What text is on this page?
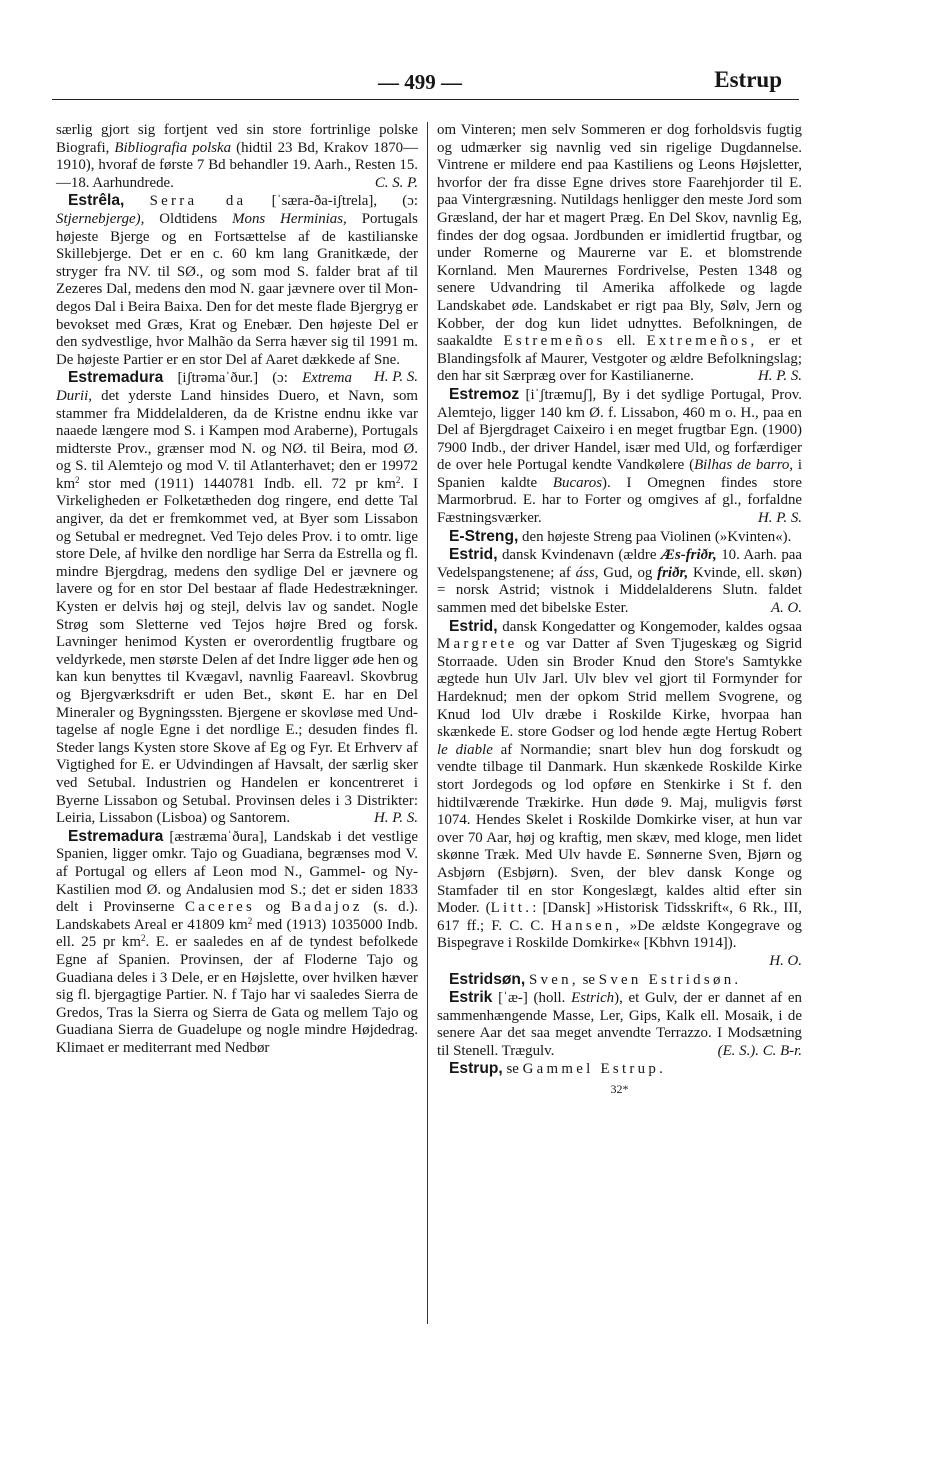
— 499 —	Estrup

særlig gjort sig fortjent ved sin store fortrinlige polske Biografi, Bibliografia polska (hidtil 23 Bd, Krakov 1870—1910), hvoraf de første 7 Bd behandler 19. Aarh., Resten 15.—18. Aarhundrede.	C. S. P.

Estrêla, Serra da [ˈsæra-ða-iʃtrela], (ɔ: Stjernebjerge), Oldtidens Mons Herminias, Portugals højeste Bjerge og en Fortsættelse af de kastilianske Skillebjerge. Det er en c. 60 km lang Granitkæde, der stryger fra NV. til SØ., og som mod S. falder brat af til Zezeres Dal, medens den mod N. gaar jævnere over til Mondegos Dal i Beira Baixa. Den for det meste flade Bjergryg er bevokset med Græs, Krat og Enebær. Den højeste Del er den sydvestlige, hvor Malhão da Serra hæver sig til 1991 m. De højeste Partier er en stor Del af Aaret dækkede af Sne.
H. P. S.

Estremadura [iʃtrəmaˈður.] (ɔ: Extrema Durii, det yderste Land hinsides Duero, et Navn, som stammer fra Middelalderen, da de Kristne endnu ikke var naaede længere mod S. i Kampen mod Araberne), Portugals midterste Prov., grænser mod N. og NØ. til Beira, mod Ø. og S. til Alemtejo og mod V. til Atlanterhavet; den er 19972 $km^2$ stor med (1911) 1440781 Indb. ell. 72 pr $km^2$. I Virkeligheden er Folketætheden dog ringere, end dette Tal angiver, da det er fremkommet ved, at Byer som Lissabon og Setubal er medregnet. Ved Tejo deles Prov. i to omtr. lige store Dele, af hvilke den nordlige har Serra da Estrella og fl. mindre Bjergdrag, medens den sydlige Del er jævnere og lavere og for en stor Del bestaar af flade Hedestrækninger. Kysten er delvis høj og stejl, delvis lav og sandet. Nogle Strøg som Sletterne ved Tejos højre Bred og forsk. Lavninger henimod Kysten er overordentlig frugtbare og veldyrkede, men største Delen af det Indre ligger øde hen og kan kun benyttes til Kvægavl, navnlig Faareavl. Skovbrug og Bjergværksdrift er uden Bet., skønt E. har en Del Mineraler og Bygningssten. Bjergene er skovløse med Undtagelse af nogle Egne i det nordlige E.; desuden findes fl. Steder langs Kysten store Skove af Eg og Fyr. Et Erhverv af Vigtighed for E. er Udvindingen af Havsalt, der særlig sker ved Setubal. Industrien og Handelen er koncentreret i Byerne Lissabon og Setubal. Provinsen deles i 3 Distrikter: Leiria, Lissabon (Lisboa) og Santorem.	H. P. S.

Estremadura [æstræmaˈðura], Landskab i det vestlige Spanien, ligger omkr. Tajo og Guadiana, begrænses mod V. af Portugal og ellers af Leon mod N., Gammel- og Ny-Kastilien mod Ø. og Andalusien mod S.; det er siden 1833 delt i Provinserne Caceres og Badajoz (s. d.). Landskabets Areal er 41809 $km^2$ med (1913) 1035000 Indb. ell. 25 pr $km^2$. E. er saaledes en af de tyndest befolkede Egne af Spanien. Provinsen, der af Floderne Tajo og Guadiana deles i 3 Dele, er en Højslette, over hvilken hæver sig fl. bjergagtige Partier. N. f Tajo har vi saaledes Sierra de Gredos, Tras la Sierra og Sierra de Gata og mellem Tajo og Guadiana Sierra de Guadelupe og nogle mindre Højdedrag. Klimaet er mediterrant med Nedbør

om Vinteren; men selv Sommeren er dog forholdsvis fugtig og udmærker sig navnlig ved sin rigelige Dugdannelse. Vintrene er mildere end paa Kastiliens og Leons Højsletter, hvorfor der fra disse Egne drives store Faarehjorder til E. paa Vintergræsning. Nutildags henligger den meste Jord som Græsland, der har et magert Præg. En Del Skov, navnlig Eg, findes der dog ogsaa. Jordbunden er imidlertid frugtbar, og under Romerne og Maurerne var E. et blomstrende Kornland. Men Maurernes Fordrivelse, Pesten 1348 og senere Udvandring til Amerika affolkede og lagde Landskabet øde. Landskabet er rigt paa Bly, Sølv, Jern og Kobber, der dog kun lidet udnyttes. Befolkningen, de saakaldte Estremeños ell. Extremeños, er et Blandingsfolk af Maurer, Vestgoter og ældre Befolkningslag; den har sit Særpræg over for Kastilianerne.	H. P. S.

Estremoz [iˈʃtræmuʃ], By i det sydlige Portugal, Prov. Alemtejo, ligger 140 km Ø. f. Lissabon, 460 m o. H., paa en Del af Bjergdraget Caixeiro i en meget frugtbar Egn. (1900) 7900 Indb., der driver Handel, især med Uld, og forfærdiger de over hele Portugal kendte Vandkølere (Bilhas de barro, i Spanien kaldte Bucaros). I Omegnen findes store Marmorbrud. E. har to Forter og omgives af gl., forfaldne Fæstningsværker.	H. P. S.

E-Streng, den højeste Streng paa Violinen (»Kvinten«).

Estrid, dansk Kvindenavn (ældre Æs-friðr, 10. Aarh. paa Vedelspangstenene; af áss, Gud, og friðr, Kvinde, ell. skøn) = norsk Astrid; vistnok i Middelalderens Slutn. faldet sammen med det bibelske Ester.	A. O.

Estrid, dansk Kongedatter og Kongemoder, kaldes ogsaa Margrete og var Datter af Sven Tjugeskæg og Sigrid Storraade. Uden sin Broder Knud den Store's Samtykke ægtede hun Ulv Jarl. Ulv blev vel gjort til Formynder for Hardeknud; men der opkom Strid mellem Svogrene, og Knud lod Ulv dræbe i Roskilde Kirke, hvorpaa han skænkede E. store Godser og lod hende ægte Hertug Robert le diable af Normandie; snart blev hun dog forskudt og vendte tilbage til Danmark. Hun skænkede Roskilde Kirke stort Jordegods og lod opføre en Stenkirke i St f. den hidtilværende Trækirke. Hun døde 9. Maj, muligvis først 1074. Hendes Skelet i Roskilde Domkirke viser, at hun var over 70 Aar, høj og kraftig, men skæv, med kloge, men lidet skønne Træk. Med Ulv havde E. Sønnerne Sven, Bjørn og Asbjørn (Esbjørn). Sven, der blev dansk Konge og Stamfader til en stor Kongeslægt, kaldes altid efter sin Moder. (Litt.: [Dansk] »Historisk Tidsskrift«, 6 Rk., III, 617 ff.; F. C. C. Hansen, »De ældste Kongegrave og Bispegrave i Roskilde Domkirke« [Kbhvn 1914]).
H. O.

Estridsøn, Sven, se Sven Estridsøn.

Estrik [ˈæ-] (holl. Estrich), et Gulv, der er dannet af en sammenhængende Masse, Ler, Gips, Kalk ell. Mosaik, i de senere Aar det saa meget anvendte Terrazzo. I Modsætning til Stenell. Trægulv.	(E. S.). C. B-r.

Estrup, se Gammel Estrup.

32*
